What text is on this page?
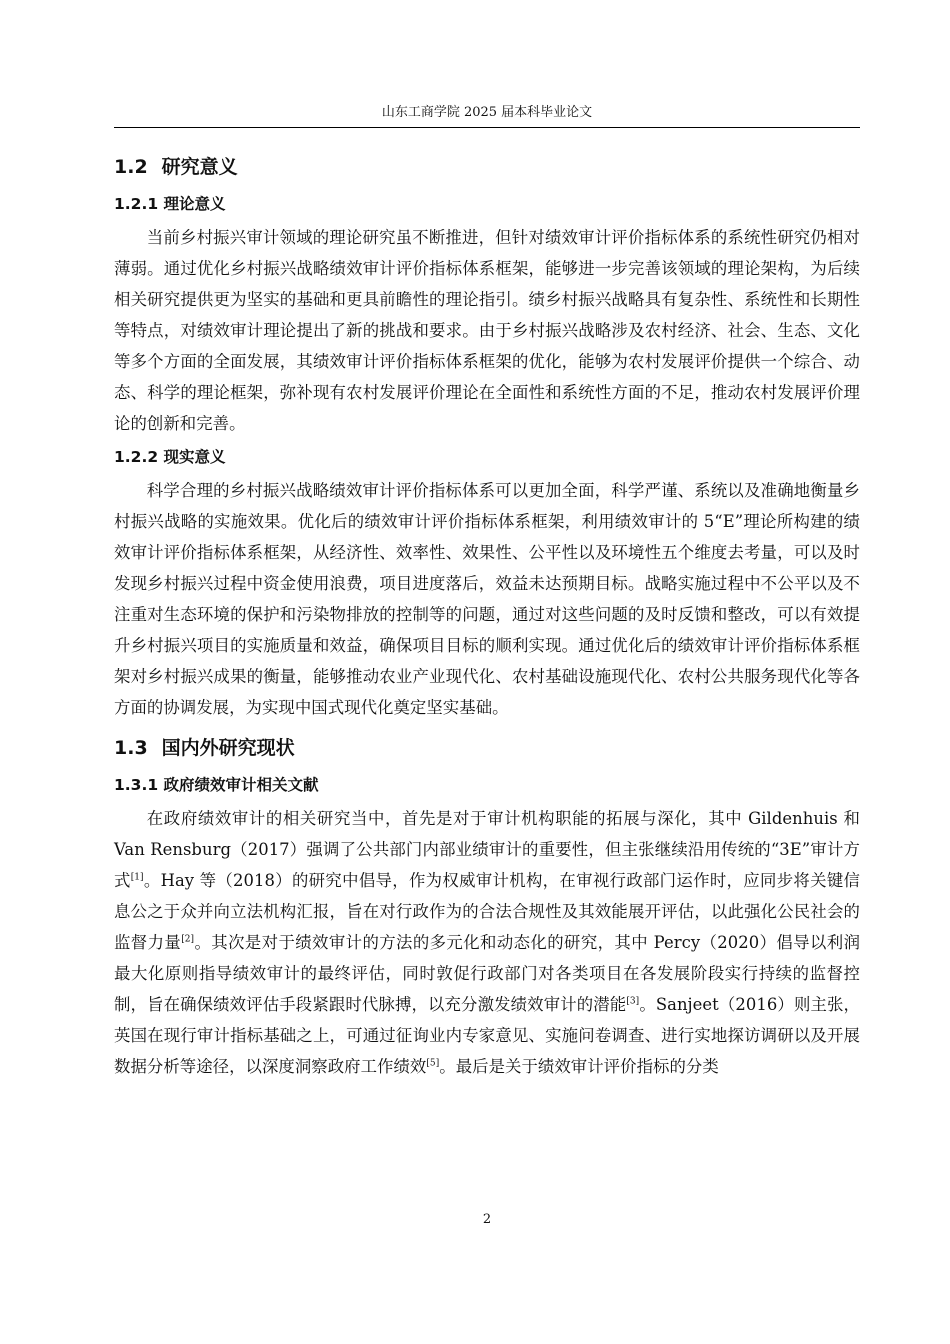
山东工商学院 2025 届本科毕业论文
1.2 研究意义
1.2.1 理论意义

当前乡村振兴审计领域的理论研究虽不断推进，但针对绩效审计评价指标体系的系统性研究仍相对薄弱。通过优化乡村振兴战略绩效审计评价指标体系框架，能够进一步完善该领域的理论架构，为后续相关研究提供更为坚实的基础和更具前瞻性的理论指引。绩乡村振兴战略具有复杂性、系统性和长期性等特点，对绩效审计理论提出了新的挑战和要求。由于乡村振兴战略涉及农村经济、社会、生态、文化等多个方面的全面发展，其绩效审计评价指标体系框架的优化，能够为农村发展评价提供一个综合、动态、科学的理论框架，弥补现有农村发展评价理论在全面性和系统性方面的不足，推动农村发展评价理论的创新和完善。

1.2.2 现实意义

科学合理的乡村振兴战略绩效审计评价指标体系可以更加全面，科学严谨、系统以及准确地衡量乡村振兴战略的实施效果。优化后的绩效审计评价指标体系框架，利用绩效审计的 5“E”理论所构建的绩效审计评价指标体系框架，从经济性、效率性、效果性、公平性以及环境性五个维度去考量，可以及时发现乡村振兴过程中资金使用浪费，项目进度落后，效益未达预期目标。战略实施过程中不公平以及不注重对生态环境的保护和污染物排放的控制等的问题，通过对这些问题的及时反馈和整改，可以有效提升乡村振兴项目的实施质量和效益，确保项目目标的顺利实现。通过优化后的绩效审计评价指标体系框架对乡村振兴成果的衡量，能够推动农业产业现代化、农村基础设施现代化、农村公共服务现代化等各方面的协调发展，为实现中国式现代化奠定坚实基础。

1.3 国内外研究现状
1.3.1 政府绩效审计相关文献

在政府绩效审计的相关研究当中，首先是对于审计机构职能的拓展与深化，其中 Gildenhuis 和 Van Rensburg（2017）强调了公共部门内部业绩审计的重要性，但主张继续沿用传统的“3E”审计方式[1]。Hay 等（2018）的研究中倡导，作为权威审计机构，在审视行政部门运作时，应同步将关键信息公之于众并向立法机构汇报，旨在对行政作为的合法合规性及其效能展开评估，以此强化公民社会的监督力量[2]。其次是对于绩效审计的方法的多元化和动态化的研究，其中 Percy（2020）倡导以利润最大化原则指导绩效审计的最终评估，同时敦促行政部门对各类项目在各发展阶段实行持续的监督控制，旨在确保绩效评估手段紧跟时代脉搏，以充分激发绩效审计的潜能[3]。Sanjeet（2016）则主张，英国在现行审计指标基础之上，可通过征询业内专家意见、实施问卷调查、进行实地探访调研以及开展数据分析等途径，以深度洞察政府工作绩效[5]。最后是关于绩效审计评价指标的分类

2
